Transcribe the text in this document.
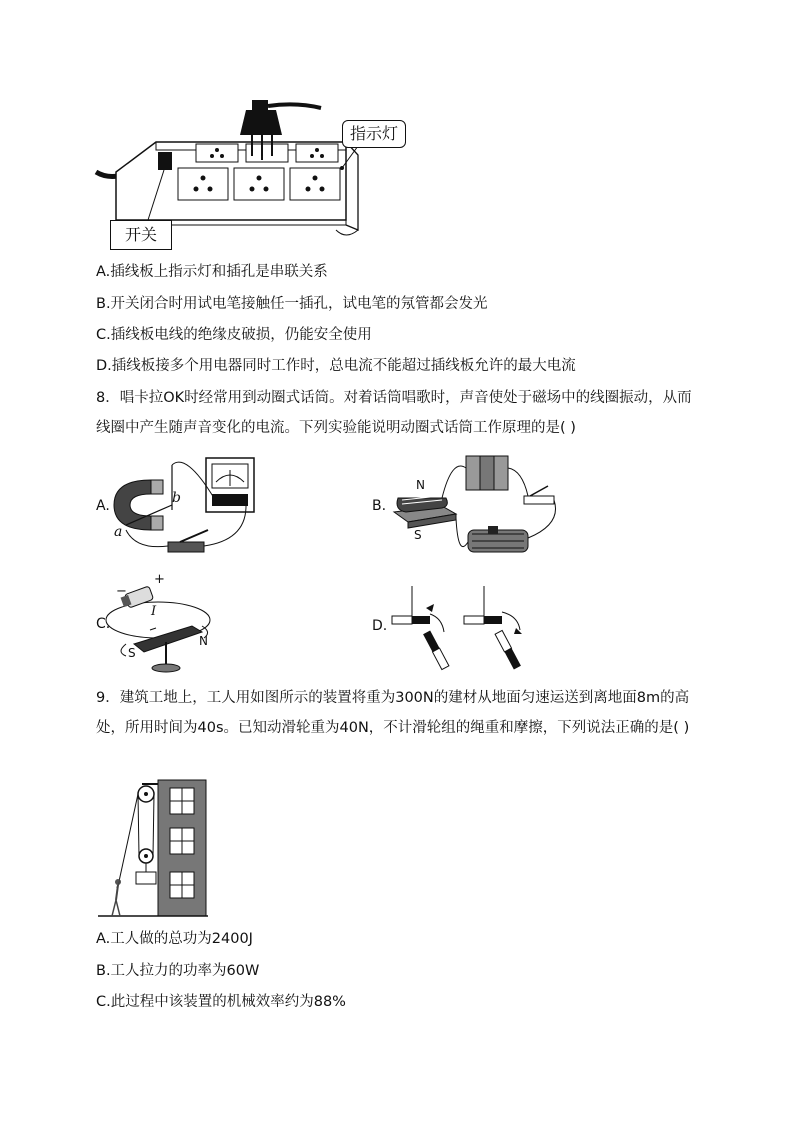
指示灯
开关
A.插线板上指示灯和插孔是串联关系
B.开关闭合时用试电笔接触任一插孔，试电笔的氖管都会发光
C.插线板电线的绝缘皮破损，仍能安全使用
D.插线板接多个用电器同时工作时，总电流不能超过插线板允许的最大电流
8．唱卡拉OK时经常用到动圈式话筒。对着话筒唱歌时，声音使处于磁场中的线圈振动，从而线圈中产生随声音变化的电流。下列实验能说明动圈式话筒工作原理的是( )
A.
a
b	B.
N
S
C.
+
−
I
N
S
D.
9．建筑工地上，工人用如图所示的装置将重为300N的建材从地面匀速运送到离地面8m的高处，所用时间为40s。已知动滑轮重为40N，不计滑轮组的绳重和摩擦，下列说法正确的是( )
A.工人做的总功为2400J
B.工人拉力的功率为60W
C.此过程中该装置的机械效率约为88%
